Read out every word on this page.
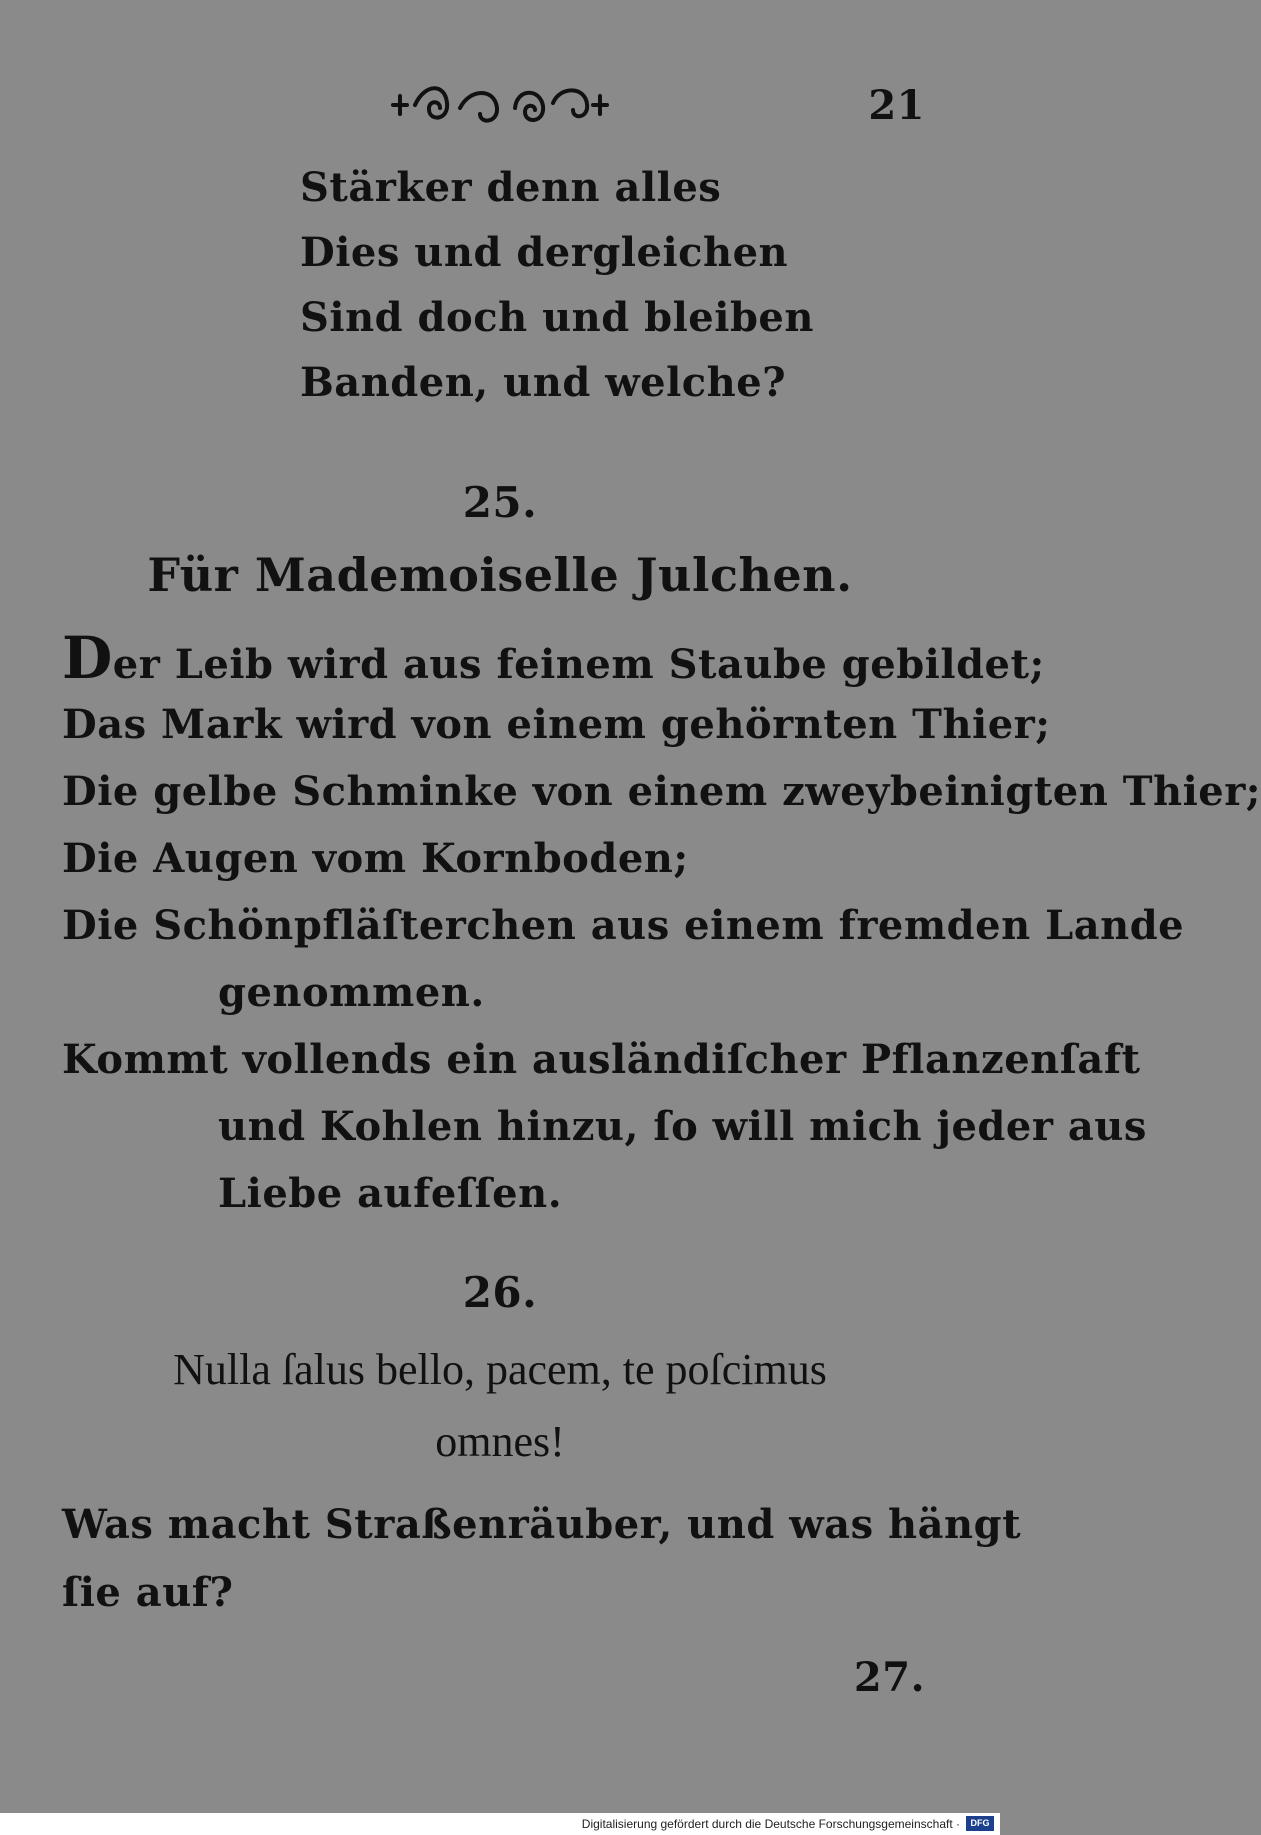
21
Stärker denn alles
Dies und dergleichen
Sind doch und bleiben
Banden, und welche?
25.
Für Mademoiselle Julchen.
Der Leib wird aus feinem Staube gebildet;
Das Mark wird von einem gehörnten Thier;
Die gelbe Schminke von einem zweybeinigten Thier;
Die Augen vom Kornboden;
Die Schönpfläſterchen aus einem fremden Lande
genommen.
Kommt vollends ein ausländiſcher Pflanzenſaft
und Kohlen hinzu, ſo will mich jeder aus
Liebe aufeſſen.
26.
Nulla ſalus bello, pacem, te poſcimus
omnes!
Was macht Straßenräuber, und was hängt
ſie auf?
27.
Digitalisierung gefördert durch die Deutsche Forschungsgemeinschaft ·	DFG
